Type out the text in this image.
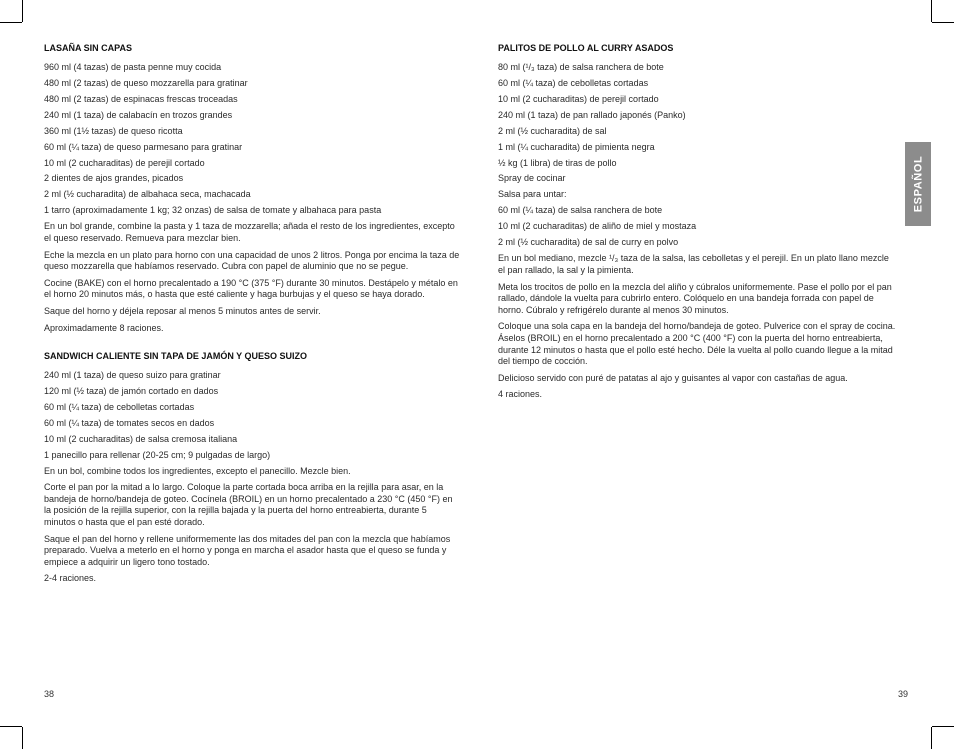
LASAÑA SIN CAPAS
960 ml (4 tazas) de pasta penne muy cocida
480 ml (2 tazas) de queso mozzarella para gratinar
480 ml (2 tazas) de espinacas frescas troceadas
240 ml (1 taza) de calabacín en trozos grandes
360 ml (1½ tazas) de queso ricotta
60 ml (¼ taza) de queso parmesano para gratinar
10 ml (2 cucharaditas) de perejil cortado
2 dientes de ajos grandes, picados
2 ml (½ cucharadita) de albahaca seca, machacada
1 tarro (aproximadamente 1 kg; 32 onzas) de salsa de tomate y albahaca para pasta
En un bol grande, combine la pasta y 1 taza de mozzarella; añada el resto de los ingredientes, excepto el queso reservado. Remueva para mezclar bien.
Eche la mezcla en un plato para horno con una capacidad de unos 2 litros. Ponga por encima la taza de queso mozzarella que habíamos reservado. Cubra con papel de aluminio que no se pegue.
Cocine (BAKE) con el horno precalentado a 190 °C (375 °F) durante 30 minutos. Destápelo y métalo en el horno 20 minutos más, o hasta que esté caliente y haga burbujas y el queso se haya dorado.
Saque del horno y déjela reposar al menos 5 minutos antes de servir.
Aproximadamente 8 raciones.
SANDWICH CALIENTE SIN TAPA DE JAMÓN Y QUESO SUIZO
240 ml (1 taza) de queso suizo para gratinar
120 ml (½ taza) de jamón cortado en dados
60 ml (¼ taza) de cebolletas cortadas
60 ml (¼ taza) de tomates secos en dados
10 ml (2 cucharaditas) de salsa cremosa italiana
1 panecillo para rellenar (20-25 cm; 9 pulgadas de largo)
En un bol, combine todos los ingredientes, excepto el panecillo. Mezcle bien.
Corte el pan por la mitad a lo largo. Coloque la parte cortada boca arriba en la rejilla para asar, en la bandeja de horno/bandeja de goteo. Cocínela (BROIL) en un horno precalentado a 230 °C (450 °F) en la posición de la rejilla superior, con la rejilla bajada y la puerta del horno entreabierta, durante 5 minutos o hasta que el pan esté dorado.
Saque el pan del horno y rellene uniformemente las dos mitades del pan con la mezcla que habíamos preparado. Vuelva a meterlo en el horno y ponga en marcha el asador hasta que el queso se funda y empiece a adquirir un ligero tono tostado.
2-4 raciones.
PALITOS DE POLLO AL CURRY ASADOS
80 ml (¹/₃ taza) de salsa ranchera de bote
60 ml (¼ taza) de cebolletas cortadas
10 ml (2 cucharaditas) de perejil cortado
240 ml (1 taza) de pan rallado japonés (Panko)
2 ml (½ cucharadita) de sal
1 ml (¼ cucharadita) de pimienta negra
½ kg (1 libra) de tiras de pollo
Spray de cocinar
Salsa para untar:
60 ml (¼ taza) de salsa ranchera de bote
10 ml (2 cucharaditas) de aliño de miel y mostaza
2 ml (½ cucharadita) de sal de curry en polvo
En un bol mediano, mezcle ¹/₃ taza de la salsa, las cebolletas y el perejil. En un plato llano mezcle el pan rallado, la sal y la pimienta.
Meta los trocitos de pollo en la mezcla del aliño y cúbralos uniformemente. Pase el pollo por el pan rallado, dándole la vuelta para cubrirlo entero. Colóquelo en una bandeja forrada con papel de horno. Cúbralo y refrigérelo durante al menos 30 minutos.
Coloque una sola capa en la bandeja del horno/bandeja de goteo. Pulverice con el spray de cocina. Áselos (BROIL) en el horno precalentado a 200 °C (400 °F) con la puerta del horno entreabierta, durante 12 minutos o hasta que el pollo esté hecho. Déle la vuelta al pollo cuando llegue a la mitad del tiempo de cocción.
Delicioso servido con puré de patatas al ajo y guisantes al vapor con castañas de agua.
4 raciones.
ESPAÑOL
38	39
